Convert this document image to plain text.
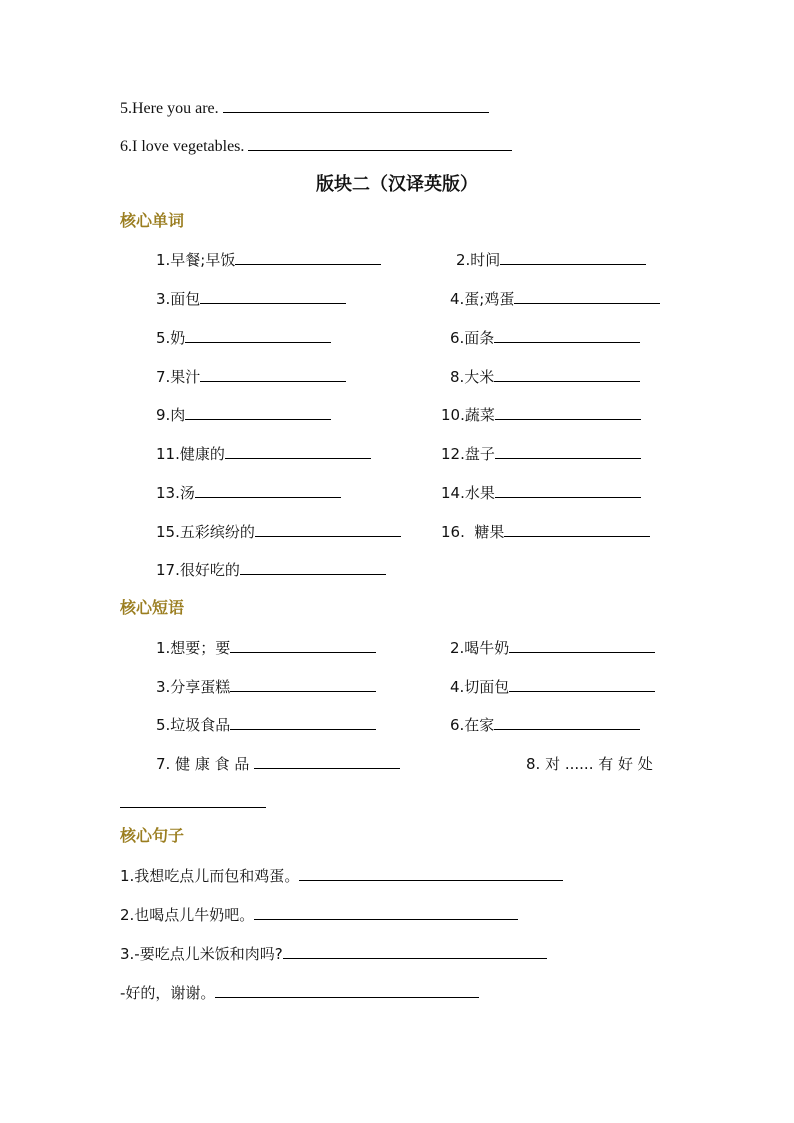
5.Here you are.
6.I love vegetables.
版块二（汉译英版）
核心单词
1.早餐;早饭	2.时间
3.面包	4.蛋;鸡蛋
5.奶	6.面条
7.果汁	8.大米
9.肉	10.蔬菜
11.健康的	12.盘子
13.汤	14.水果
15.五彩缤纷的	16.  糖果
17.很好吃的
核心短语
1.想要；要	2.喝牛奶
3.分享蛋糕	4.切面包
5.垃圾食品	6.在家
7. 健 康 食 品	8. 对 ...... 有 好 处
核心句子
1.我想吃点儿而包和鸡蛋。
2.也喝点儿牛奶吧。
3.-要吃点儿米饭和肉吗?
-好的，谢谢。
